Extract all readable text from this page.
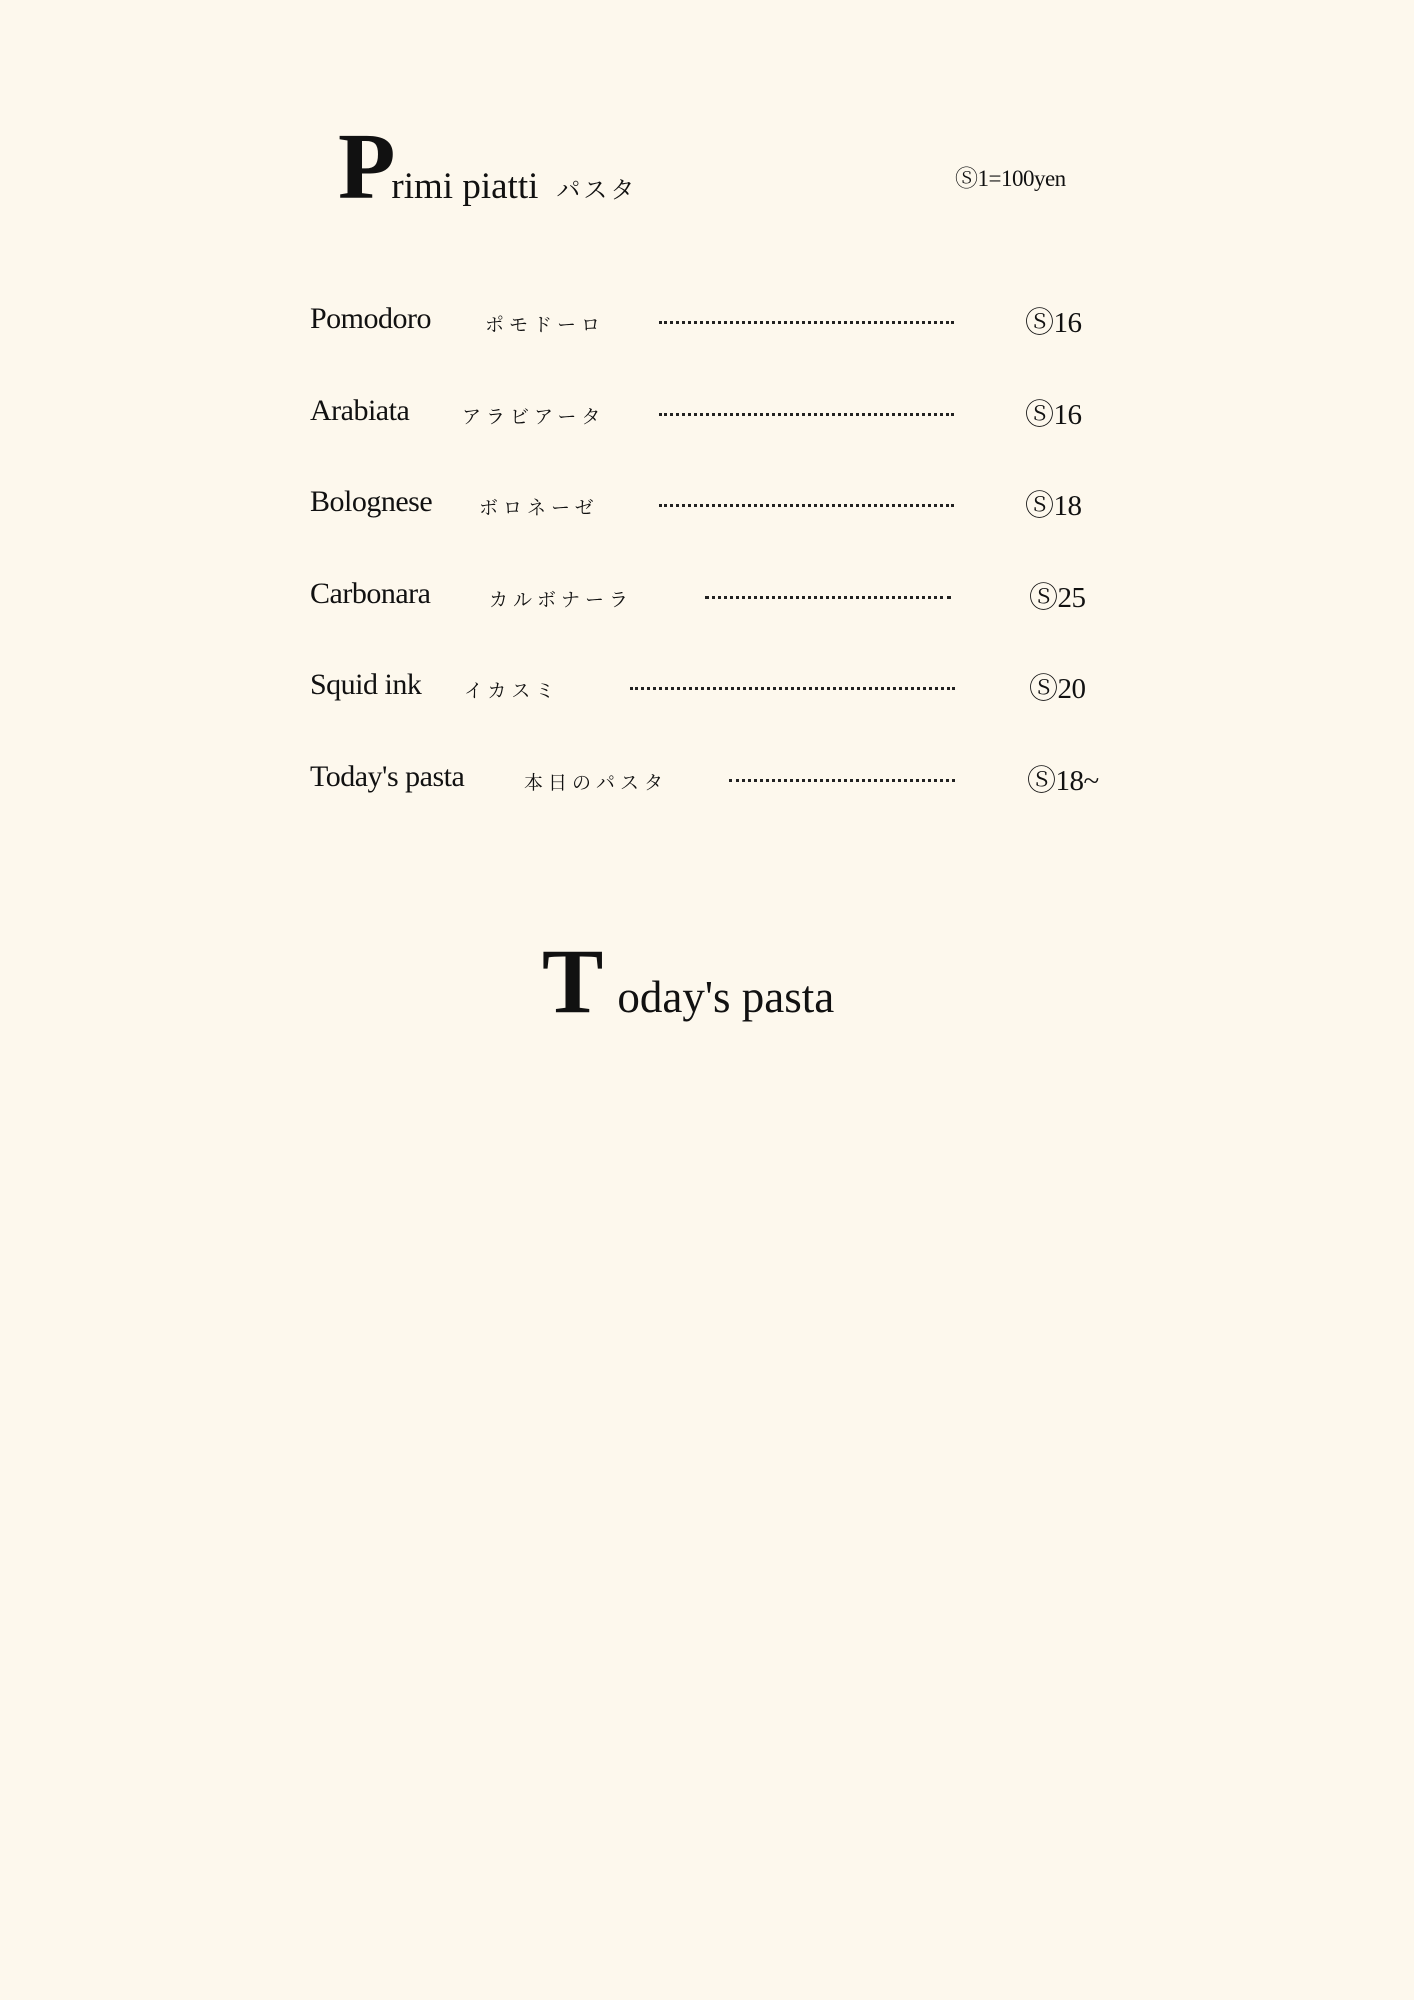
P
rimi piatti パスタ	Ⓢ1=100yen
Pomodoro	ポモドーロ	Ⓢ16
Arabiata	アラビアータ	Ⓢ16
Bolognese ボロネーゼ	Ⓢ18
Carbonara	カルボナーラ	Ⓢ25
Squid ink イカスミ	Ⓢ20
Today's pasta	本日のパスタ	Ⓢ18~
T oday's pasta
